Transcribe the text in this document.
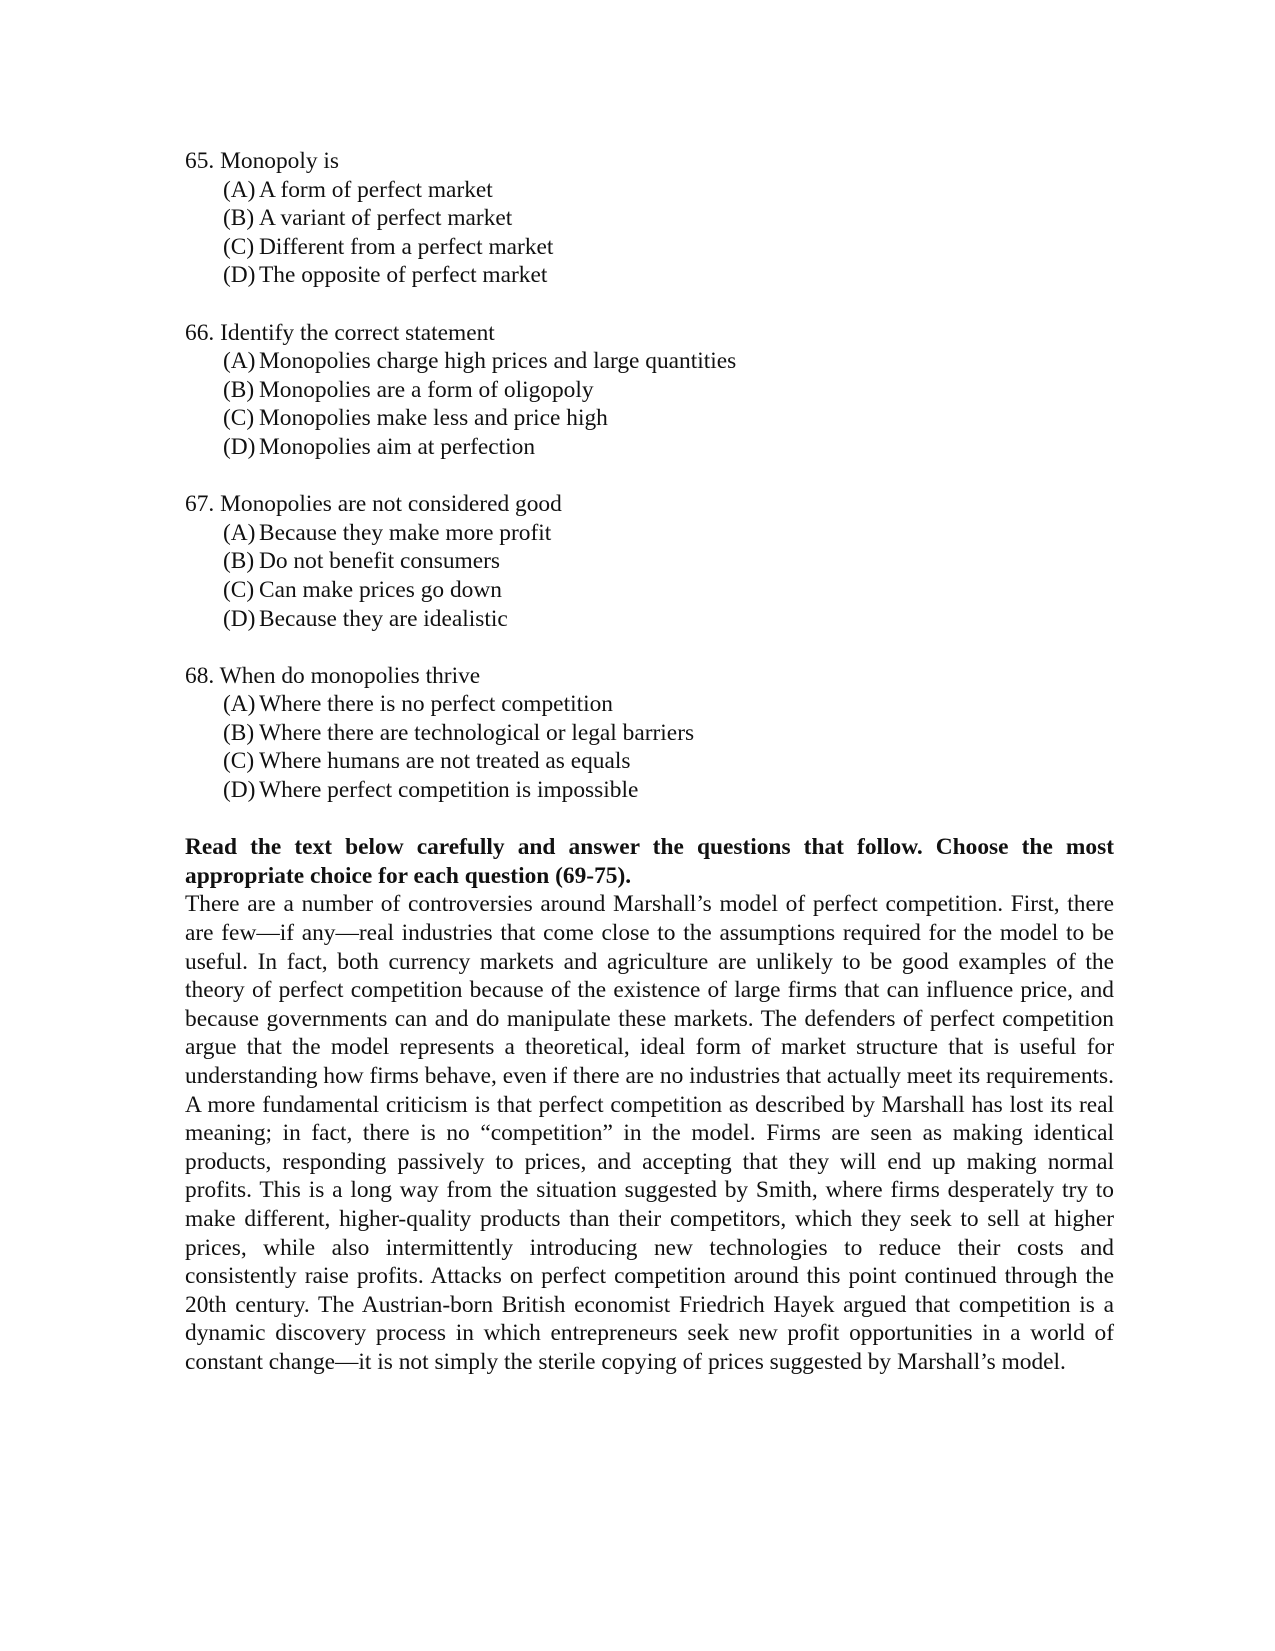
65. Monopoly is
(A) A form of perfect market
(B) A variant of perfect market
(C) Different from a perfect market
(D) The opposite of perfect market
66. Identify the correct statement
(A) Monopolies charge high prices and large quantities
(B) Monopolies are a form of oligopoly
(C) Monopolies make less and price high
(D) Monopolies aim at perfection
67. Monopolies are not considered good
(A) Because they make more profit
(B) Do not benefit consumers
(C) Can make prices go down
(D) Because they are idealistic
68. When do monopolies thrive
(A) Where there is no perfect competition
(B) Where there are technological or legal barriers
(C) Where humans are not treated as equals
(D) Where perfect competition is impossible

Read the text below carefully and answer the questions that follow. Choose the most appropriate choice for each question (69-75).

There are a number of controversies around Marshall’s model of perfect competition. First, there are few—if any—real industries that come close to the assumptions required for the model to be useful. In fact, both currency markets and agriculture are unlikely to be good examples of the theory of perfect competition because of the existence of large firms that can influence price, and because governments can and do manipulate these markets. The defenders of perfect competition argue that the model represents a theoretical, ideal form of market structure that is useful for understanding how firms behave, even if there are no industries that actually meet its requirements. A more fundamental criticism is that perfect competition as described by Marshall has lost its real meaning; in fact, there is no “competition” in the model. Firms are seen as making identical products, responding passively to prices, and accepting that they will end up making normal profits. This is a long way from the situation suggested by Smith, where firms desperately try to make different, higher-quality products than their competitors, which they seek to sell at higher prices, while also intermittently introducing new technologies to reduce their costs and consistently raise profits. Attacks on perfect competition around this point continued through the 20th century. The Austrian-born British economist Friedrich Hayek argued that competition is a dynamic discovery process in which entrepreneurs seek new profit opportunities in a world of constant change—it is not simply the sterile copying of prices suggested by Marshall’s model.
